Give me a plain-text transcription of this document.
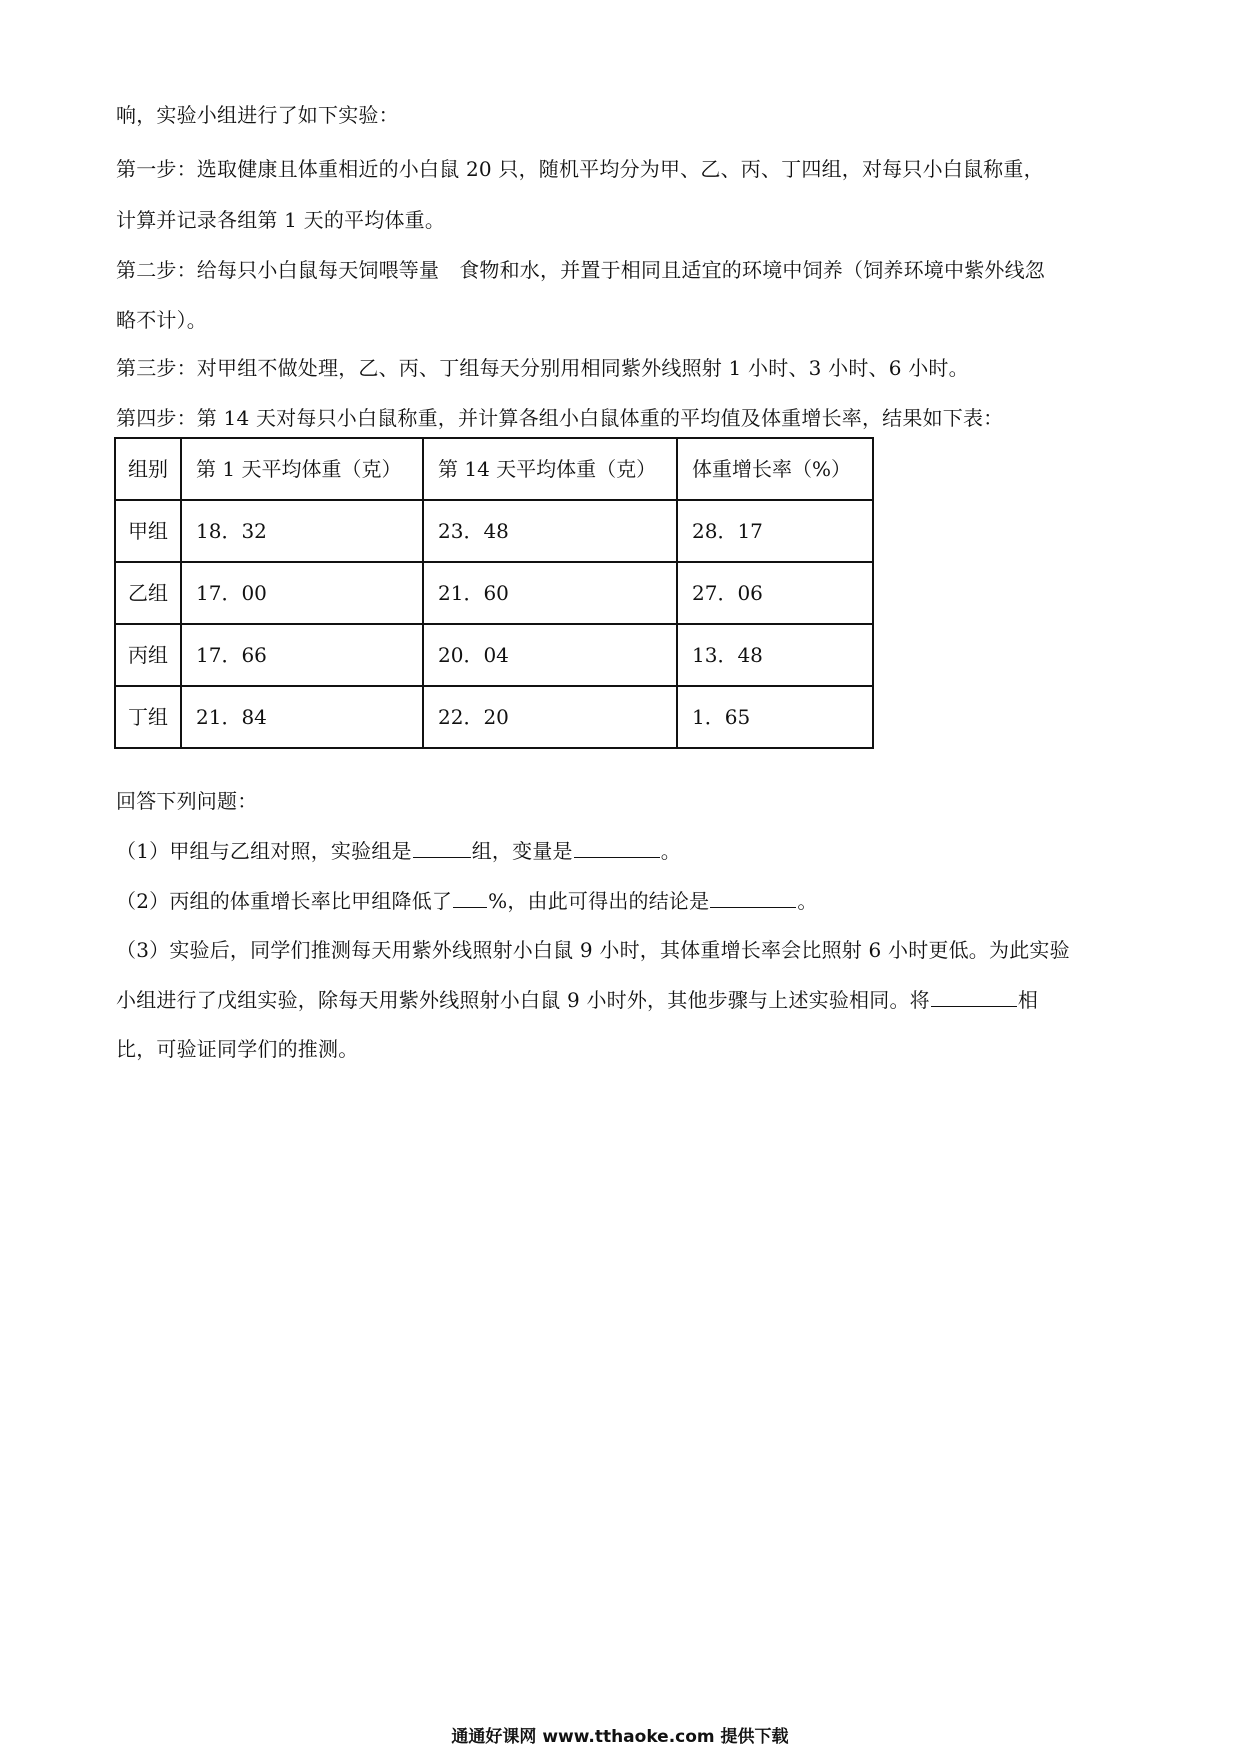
响，实验小组进行了如下实验：
第一步：选取健康且体重相近的小白鼠 20 只，随机平均分为甲、乙、丙、丁四组，对每只小白鼠称重，
计算并记录各组第 1 天的平均体重。
第二步：给每只小白鼠每天饲喂等量 食物和水，并置于相同且适宜的环境中饲养（饲养环境中紫外线忽
略不计）。
第三步：对甲组不做处理，乙、丙、丁组每天分别用相同紫外线照射 1 小时、3 小时、6 小时。
第四步：第 14 天对每只小白鼠称重，并计算各组小白鼠体重的平均值及体重增长率，结果如下表：
组别	第 1 天平均体重（克）	第 14 天平均体重（克）	体重增长率（%）
甲组	18．32	23．48	28．17
乙组	17．00	21．60	27．06
丙组	17．66	20．04	13．48
丁组	21．84	22．20	1．65
回答下列问题：
（1）甲组与乙组对照，实验组是	组，变量是	。
（2）丙组的体重增长率比甲组降低了 %，由此可得出的结论是	。
（3）实验后，同学们推测每天用紫外线照射小白鼠 9 小时，其体重增长率会比照射 6 小时更低。为此实验
小组进行了戊组实验，除每天用紫外线照射小白鼠 9 小时外，其他步骤与上述实验相同。将	相
比，可验证同学们的推测。
通通好课网 www.tthaoke.com 提供下载
